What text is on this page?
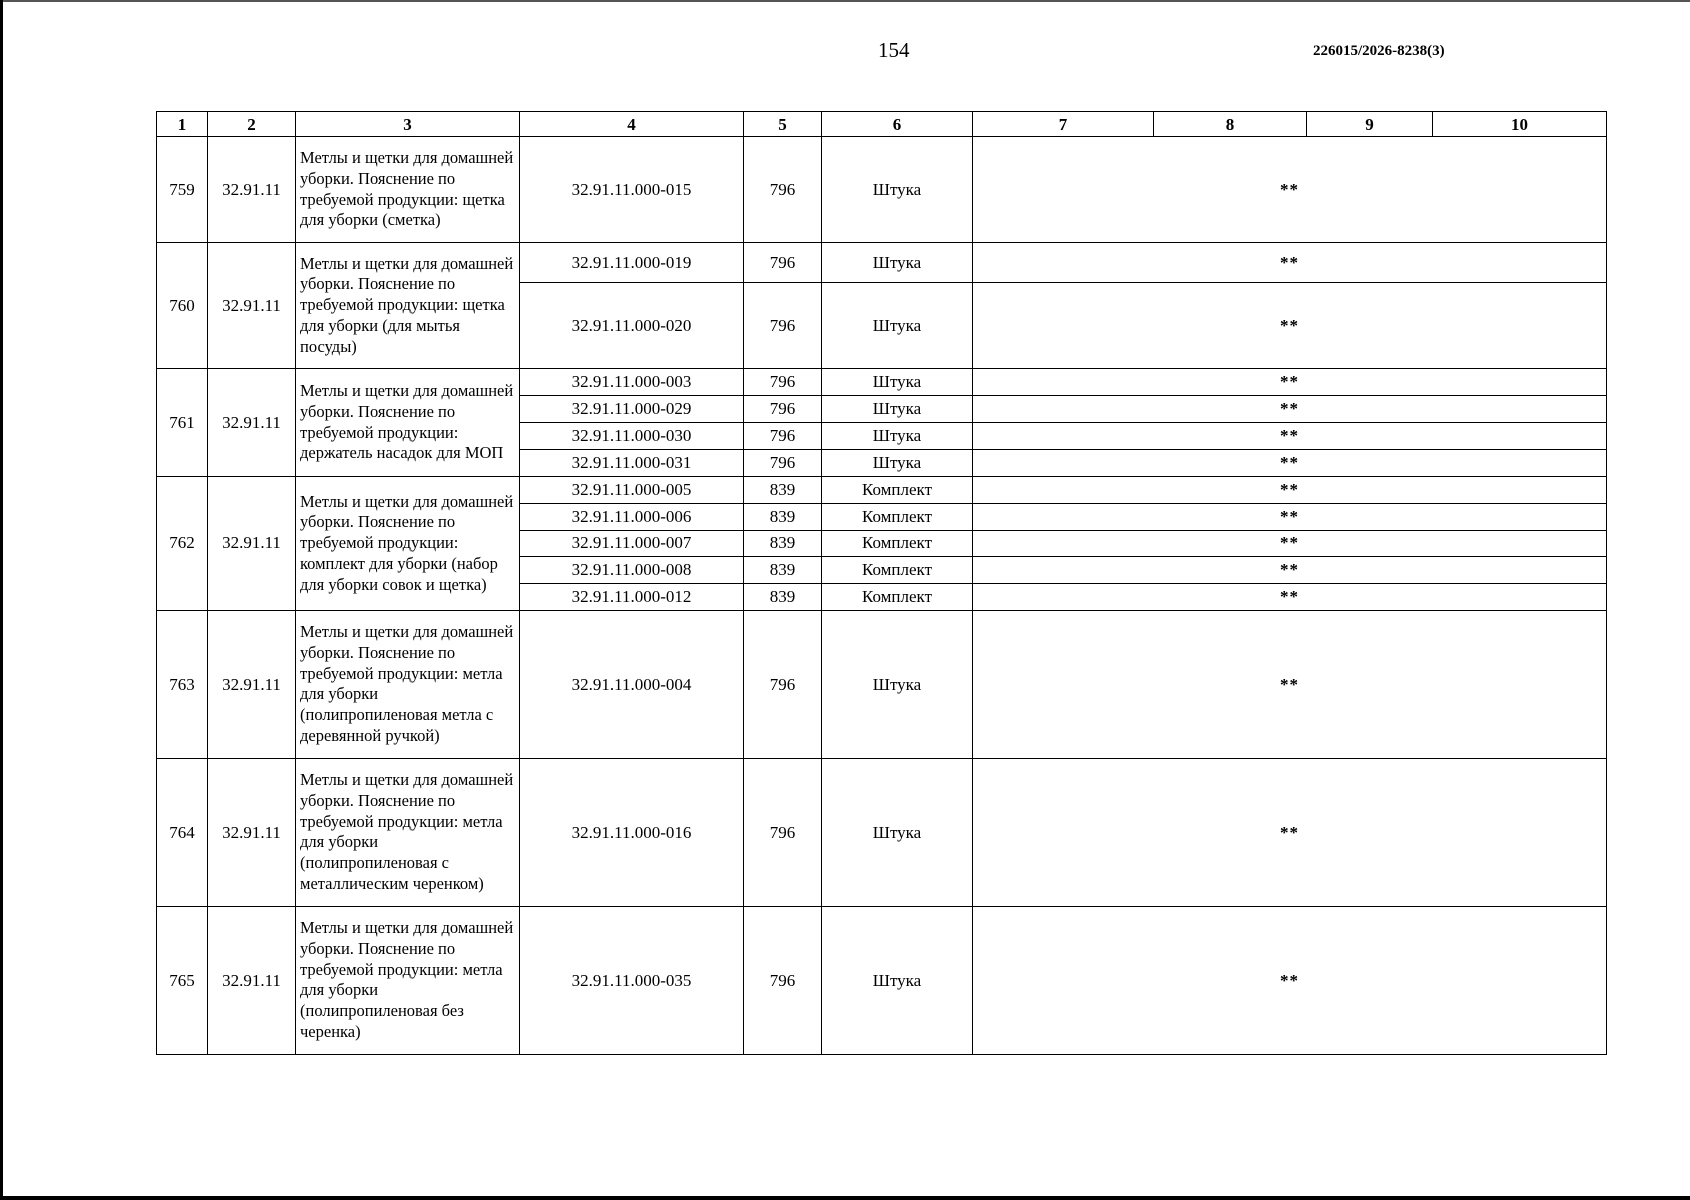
154	226015/2026-8238(3)
1	2	3	4	5	6	7	8	9	10
759	32.91.11	Метлы и щетки для домашней уборки. Пояснение по требуемой продукции: щетка для уборки (сметка)	32.91.11.000-015	796	Штука	**			
760	32.91.11	Метлы и щетки для домашней уборки. Пояснение по требуемой продукции: щетка для уборки (для мытья посуды)	32.91.11.000-019	796	Штука	**			
			32.91.11.000-020	796	Штука	**			
761	32.91.11	Метлы и щетки для домашней уборки. Пояснение по требуемой продукции: держатель насадок для МОП	32.91.11.000-003	796	Штука	**			
			32.91.11.000-029	796	Штука	**			
			32.91.11.000-030	796	Штука	**			
			32.91.11.000-031	796	Штука	**			
762	32.91.11	Метлы и щетки для домашней уборки. Пояснение по требуемой продукции: комплект для уборки (набор для уборки совок и щетка)	32.91.11.000-005	839	Комплект	**			
			32.91.11.000-006	839	Комплект	**			
			32.91.11.000-007	839	Комплект	**			
			32.91.11.000-008	839	Комплект	**			
			32.91.11.000-012	839	Комплект	**			
763	32.91.11	Метлы и щетки для домашней уборки. Пояснение по требуемой продукции: метла для уборки (полипропиленовая метла с деревянной ручкой)	32.91.11.000-004	796	Штука	**			
764	32.91.11	Метлы и щетки для домашней уборки. Пояснение по требуемой продукции: метла для уборки (полипропиленовая с металлическим черенком)	32.91.11.000-016	796	Штука	**			
765	32.91.11	Метлы и щетки для домашней уборки. Пояснение по требуемой продукции: метла для уборки (полипропиленовая без черенка)	32.91.11.000-035	796	Штука	**			
